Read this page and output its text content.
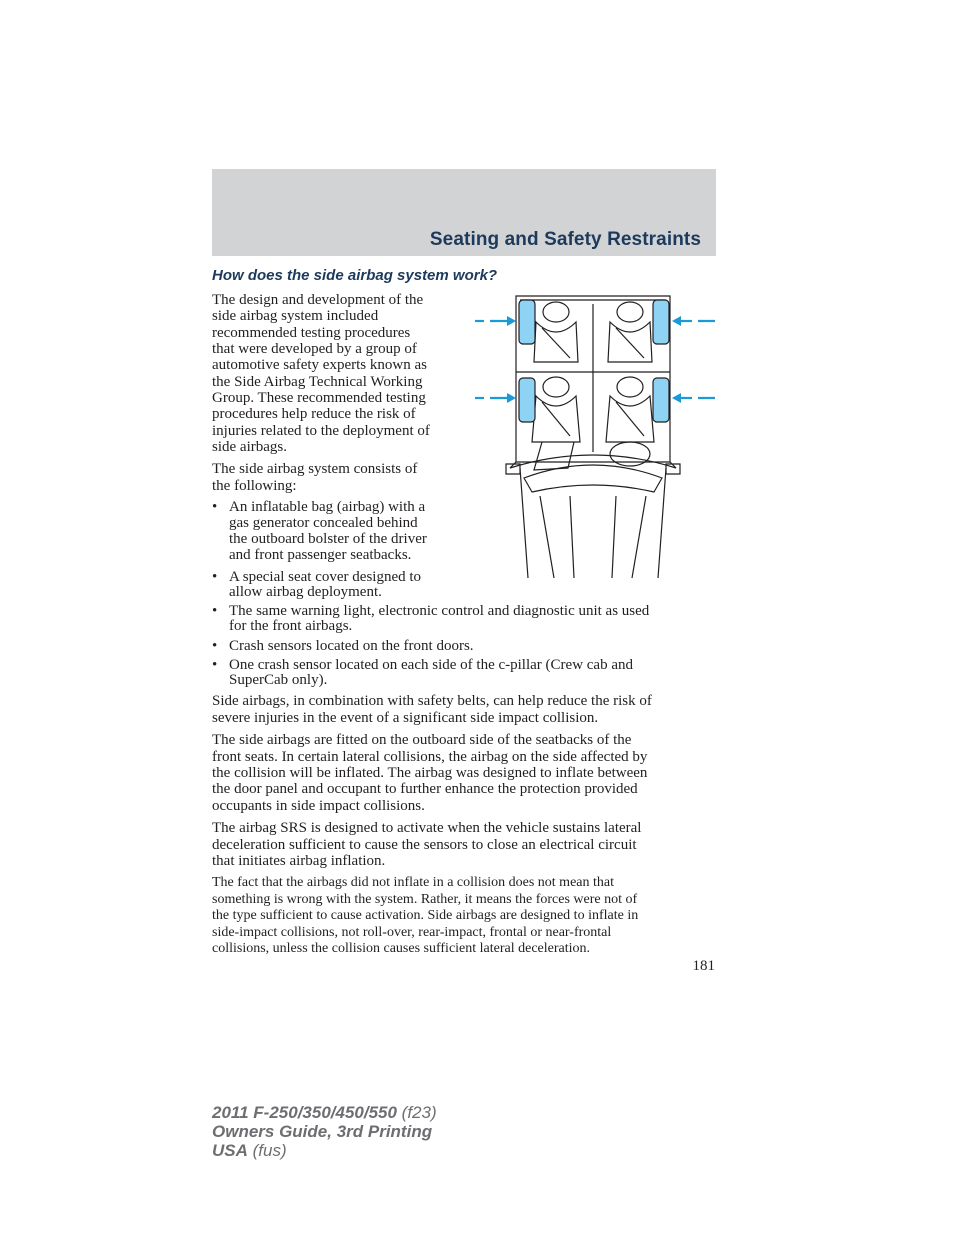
Seating and Safety Restraints
How does the side airbag system work?
The design and development of the
side airbag system included
recommended testing procedures
that were developed by a group of
automotive safety experts known as
the Side Airbag Technical Working
Group. These recommended testing
procedures help reduce the risk of
injuries related to the deployment of
side airbags.
The side airbag system consists of
the following:
• An inflatable bag (airbag) with a
gas generator concealed behind
the outboard bolster of the driver
and front passenger seatbacks.
• A special seat cover designed to
allow airbag deployment.
• The same warning light, electronic control and diagnostic unit as used
for the front airbags.
• Crash sensors located on the front doors.
• One crash sensor located on each side of the c-pillar (Crew cab and
SuperCab only).
Side airbags, in combination with safety belts, can help reduce the risk of
severe injuries in the event of a significant side impact collision.
The side airbags are fitted on the outboard side of the seatbacks of the
front seats. In certain lateral collisions, the airbag on the side affected by
the collision will be inflated. The airbag was designed to inflate between
the door panel and occupant to further enhance the protection provided
occupants in side impact collisions.
The airbag SRS is designed to activate when the vehicle sustains lateral
deceleration sufficient to cause the sensors to close an electrical circuit
that initiates airbag inflation.
The fact that the airbags did not inflate in a collision does not mean that
something is wrong with the system. Rather, it means the forces were not of
the type sufficient to cause activation. Side airbags are designed to inflate in
side-impact collisions, not roll-over, rear-impact, frontal or near-frontal
collisions, unless the collision causes sufficient lateral deceleration.
181
2011 F-250/350/450/550 (f23)
Owners Guide, 3rd Printing
USA (fus)
